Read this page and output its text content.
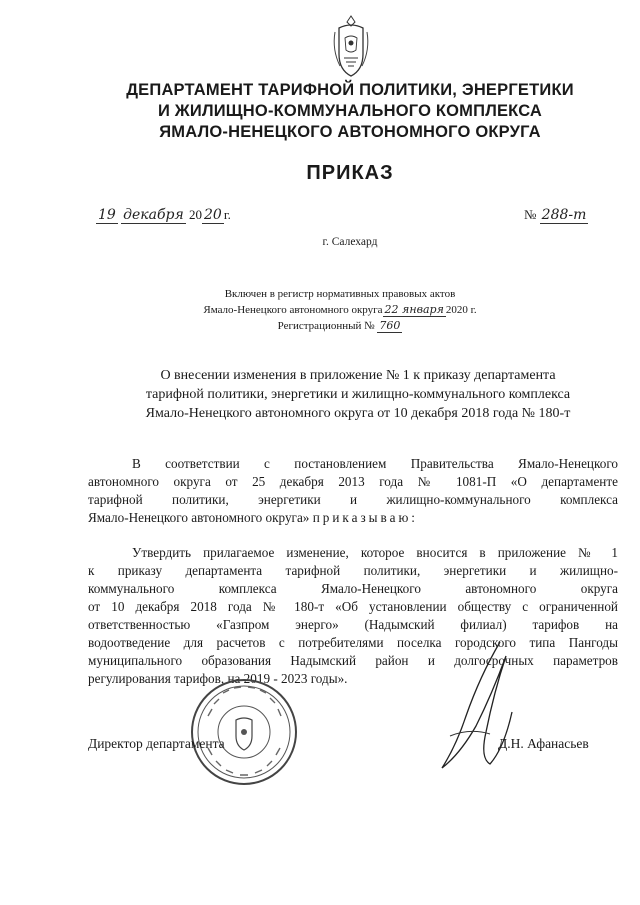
ДЕПАРТАМЕНТ ТАРИФНОЙ ПОЛИТИКИ, ЭНЕРГЕТИКИ
И ЖИЛИЩНО-КОММУНАЛЬНОГО КОМПЛЕКСА
ЯМАЛО-НЕНЕЦКОГО АВТОНОМНОГО ОКРУГА
ПРИКАЗ
19 декабря 20 20 г.	№ 288-т
г. Салехард
Включен в регистр нормативных правовых актов
Ямало-Ненецкого автономного округа 22 января 2020 г.
Регистрационный № 760
О внесении изменения в приложение № 1 к приказу департамента
тарифной политики, энергетики и жилищно-коммунального комплекса
Ямало-Ненецкого автономного округа от 10 декабря 2018 года № 180-т
В соответствии с постановлением Правительства Ямало-Ненецкого
автономного округа от 25 декабря 2013 года № 1081-П «О департаменте
тарифной политики, энергетики и жилищно-коммунального комплекса
Ямало-Ненецкого автономного округа» приказываю:
Утвердить прилагаемое изменение, которое вносится в приложение № 1
к приказу департамента тарифной политики, энергетики и жилищно-
коммунального комплекса Ямало-Ненецкого автономного округа
от 10 декабря 2018 года № 180-т «Об установлении обществу с ограниченной
ответственностью «Газпром энерго» (Надымский филиал) тарифов на
водоотведение для расчетов с потребителями поселка городского типа Пангоды
муниципального образования Надымский район и долгосрочных параметров
регулирования тарифов, на 2019 - 2023 годы».
Директор департамента	Д.Н. Афанасьев
